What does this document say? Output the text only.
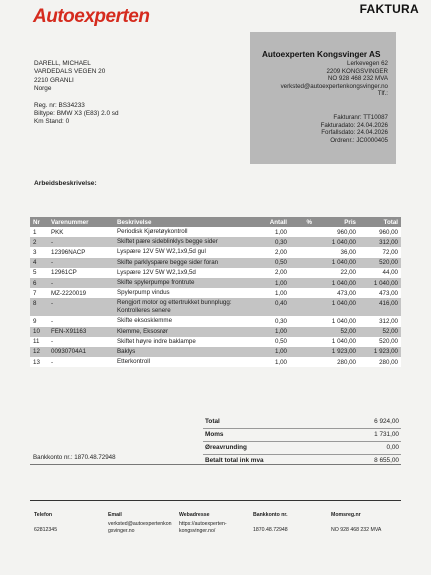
Autoexperten	FAKTURA
DARELL, MICHAEL
VARDEDALS VEGEN 20
2210 GRANLI
Norge
Reg. nr: BS34233
Biltype: BMW X3 (E83) 2.0 sd
Km Stand: 0
Autoexperten Kongsvinger AS
Lerkevegen 62
2209 KONGSVINGER
NO 928 468 232 MVA
verksted@autoexpertenkongsvinger.no
Tlf.:
Fakturanr: TT10087
Fakturadato: 24.04.2026
Forfallsdato: 24.04.2026
Ordrenr.: JC0000405
Arbeidsbeskrivelse:
Nr	Varenummer	Beskrivelse	Antall	%	Pris	Total
1	PKK	Periodisk Kjøretøykontroll	1,00		960,00	960,00
2	-	Skiftet pære sideblinklys begge sider	0,30		1 040,00	312,00
3	12396NACP	Lyspære 12V 5W W2,1x9,5d gul	2,00		36,00	72,00
4	-	Skifte parklyspære begge sider foran	0,50		1 040,00	520,00
5	12961CP	Lyspære 12V 5W W2,1x9,5d	2,00		22,00	44,00
6	-	Skifte spylerpumpe frontrute	1,00		1 040,00	1 040,00
7	MZ-2220019	Spylerpump vindus	1,00		473,00	473,00
8	-	Rengjort motor og ettertrukket bunnplugg: Kontrolleres senere	0,40		1 040,00	416,00
9	-	Skifte eksosklemme	0,30		1 040,00	312,00
10	FEN-X91163	Klemme, Eksosrør	1,00		52,00	52,00
11	-	Skiftet høyre indre baklampe	0,50		1 040,00	520,00
12	00930704A1	Baklys	1,00		1 923,00	1 923,00
13	-	Etterkontroll	1,00		280,00	280,00
Total	6 924,00
Moms	1 731,00
Øreavrunding	0,00
Betalt total ink mva	8 655,00
Bankkonto nr.: 1870.48.72948
Telefon
62812345
Email
verksted@autoexpertenkon
gsvinger.no
Webadresse
https://autoexperten-
kongsvinger.no/
Bankkonto nr.
1870.48.72948
Momsreg.nr
NO 928 468 232 MVA
